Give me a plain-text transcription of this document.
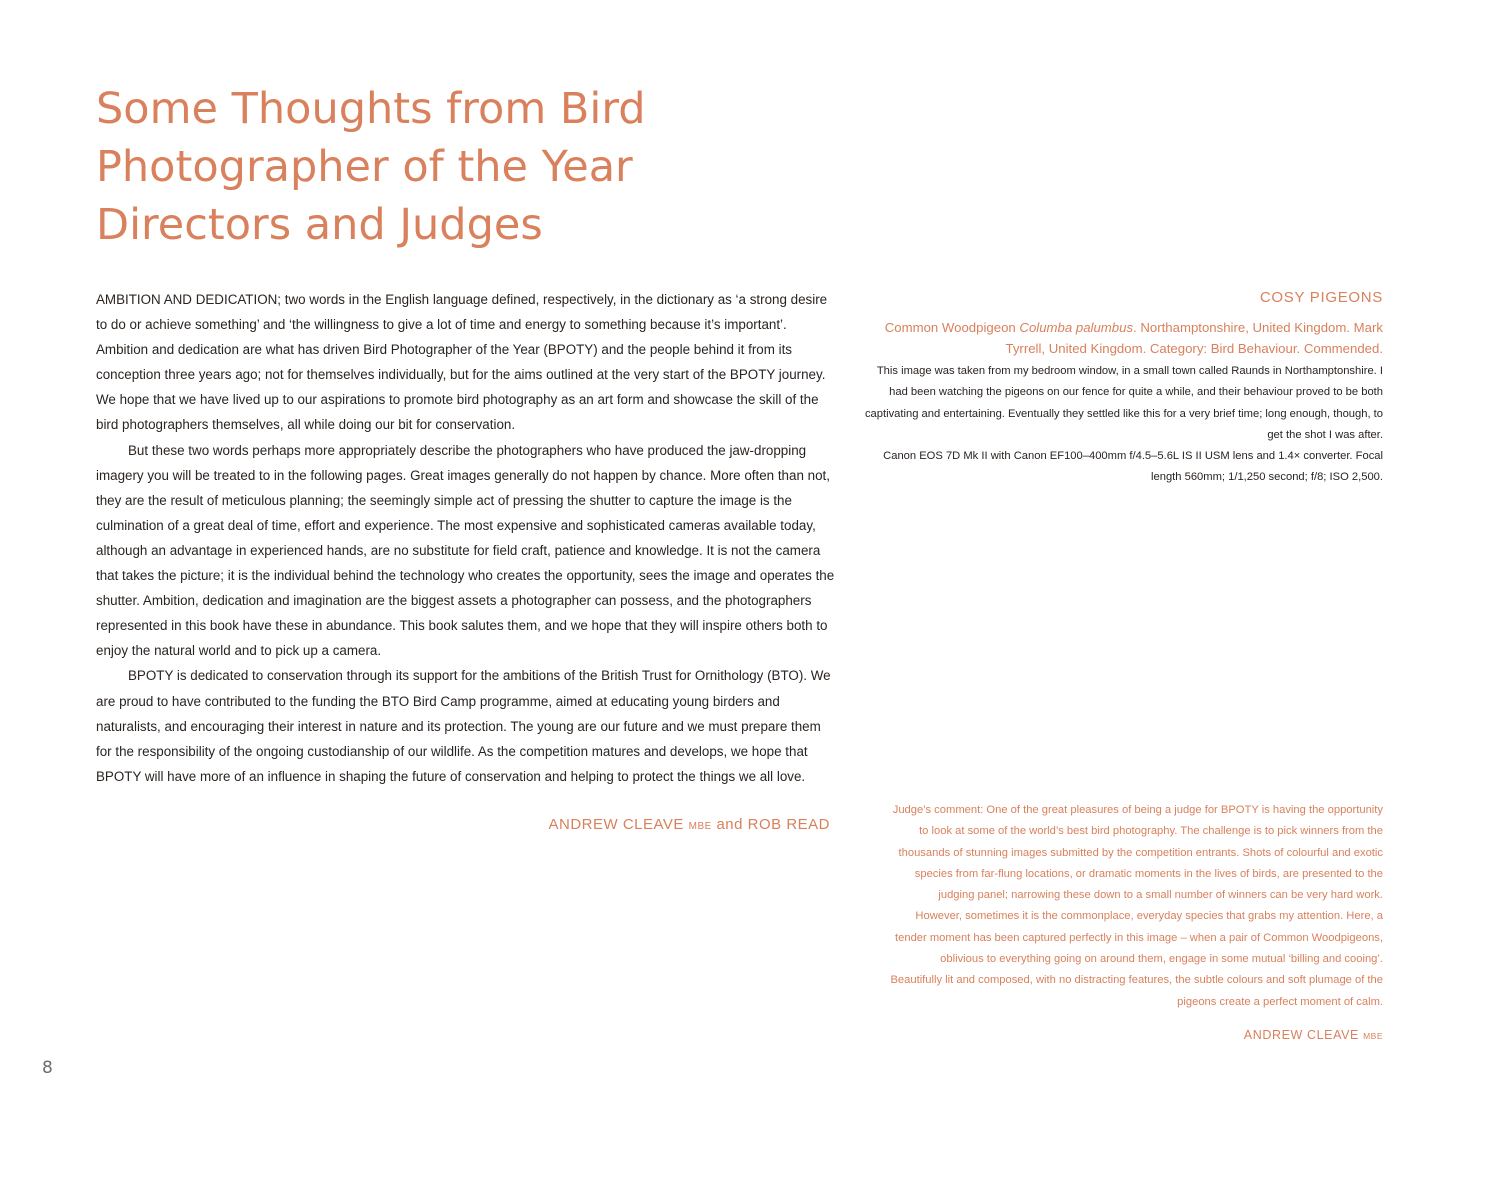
Some Thoughts from Bird
Photographer of the Year
Directors and Judges

AMBITION AND DEDICATION; two words in the English language defined, respectively, in the dictionary as ‘a strong desire to do or achieve something’ and ‘the willingness to give a lot of time and energy to something because it’s important’. Ambition and dedication are what has driven Bird Photographer of the Year (BPOTY) and the people behind it from its conception three years ago; not for themselves individually, but for the aims outlined at the very start of the BPOTY journey. We hope that we have lived up to our aspirations to promote bird photography as an art form and showcase the skill of the bird photographers themselves, all while doing our bit for conservation.

But these two words perhaps more appropriately describe the photographers who have produced the jaw-dropping imagery you will be treated to in the following pages. Great images generally do not happen by chance. More often than not, they are the result of meticulous planning; the seemingly simple act of pressing the shutter to capture the image is the culmination of a great deal of time, effort and experience. The most expensive and sophisticated cameras available today, although an advantage in experienced hands, are no substitute for field craft, patience and knowledge. It is not the camera that takes the picture; it is the individual behind the technology who creates the opportunity, sees the image and operates the shutter. Ambition, dedication and imagination are the biggest assets a photographer can possess, and the photographers represented in this book have these in abundance. This book salutes them, and we hope that they will inspire others both to enjoy the natural world and to pick up a camera.

BPOTY is dedicated to conservation through its support for the ambitions of the British Trust for Ornithology (BTO). We are proud to have contributed to the funding the BTO Bird Camp programme, aimed at educating young birders and naturalists, and encouraging their interest in nature and its protection. The young are our future and we must prepare them for the responsibility of the ongoing custodianship of our wildlife. As the competition matures and develops, we hope that BPOTY will have more of an influence in shaping the future of conservation and helping to protect the things we all love.

ANDREW CLEAVE MBE and ROB READ

COSY PIGEONS

Common Woodpigeon Columba palumbus. Northamptonshire, United Kingdom. Mark Tyrrell, United Kingdom. Category: Bird Behaviour. Commended.

This image was taken from my bedroom window, in a small town called Raunds in Northamptonshire. I had been watching the pigeons on our fence for quite a while, and their behaviour proved to be both captivating and entertaining. Eventually they settled like this for a very brief time; long enough, though, to get the shot I was after.

Canon EOS 7D Mk II with Canon EF100–400mm f/4.5–5.6L IS II USM lens and 1.4× converter. Focal length 560mm; 1/1,250 second; f/8; ISO 2,500.

Judge’s comment: One of the great pleasures of being a judge for BPOTY is having the opportunity to look at some of the world’s best bird photography. The challenge is to pick winners from the thousands of stunning images submitted by the competition entrants. Shots of colourful and exotic species from far-flung locations, or dramatic moments in the lives of birds, are presented to the judging panel; narrowing these down to a small number of winners can be very hard work.

However, sometimes it is the commonplace, everyday species that grabs my attention. Here, a tender moment has been captured perfectly in this image – when a pair of Common Woodpigeons, oblivious to everything going on around them, engage in some mutual ‘billing and cooing’. Beautifully lit and composed, with no distracting features, the subtle colours and soft plumage of the pigeons create a perfect moment of calm.

ANDREW CLEAVE MBE

8
